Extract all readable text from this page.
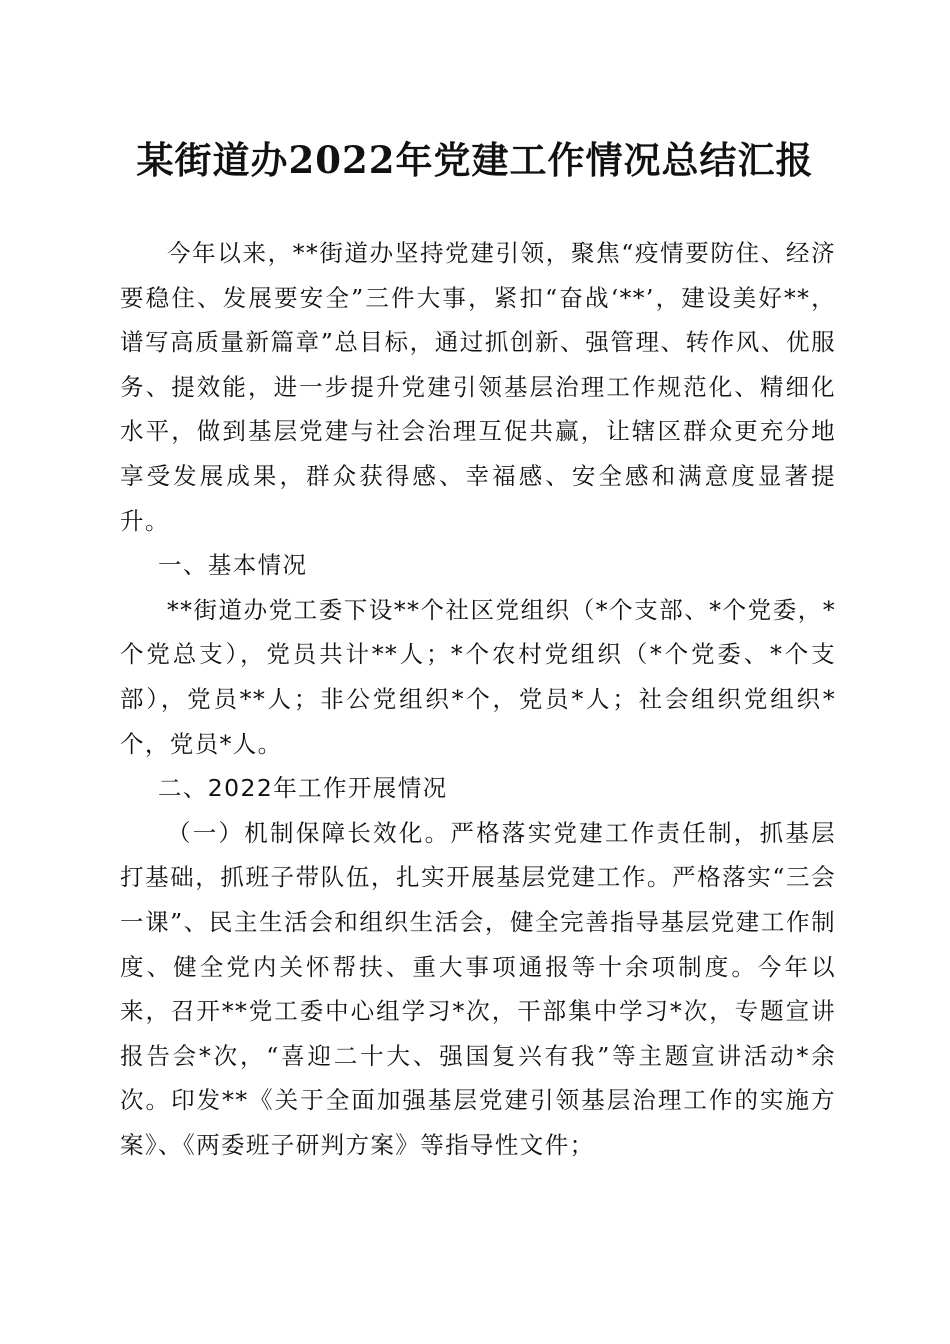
某街道办2022年党建工作情况总结汇报

今年以来，**街道办坚持党建引领，聚焦“疫情要防住、经济要稳住、发展要安全”三件大事，紧扣“奋战‘**’，建设美好**，谱写高质量新篇章”总目标，通过抓创新、强管理、转作风、优服务、提效能，进一步提升党建引领基层治理工作规范化、精细化水平，做到基层党建与社会治理互促共赢，让辖区群众更充分地享受发展成果，群众获得感、幸福感、安全感和满意度显著提升。

一、基本情况

**街道办党工委下设**个社区党组织（*个支部、*个党委，*个党总支），党员共计**人；*个农村党组织（*个党委、*个支部），党员**人；非公党组织*个，党员*人；社会组织党组织*个，党员*人。

二、2022年工作开展情况

（一）机制保障长效化。严格落实党建工作责任制，抓基层打基础，抓班子带队伍，扎实开展基层党建工作。严格落实“三会一课”、民主生活会和组织生活会，健全完善指导基层党建工作制度、健全党内关怀帮扶、重大事项通报等十余项制度。今年以来，召开**党工委中心组学习*次，干部集中学习*次，专题宣讲报告会*次，“喜迎二十大、强国复兴有我”等主题宣讲活动*余次。印发**《关于全面加强基层党建引领基层治理工作的实施方案》、《两委班子研判方案》等指导性文件；
